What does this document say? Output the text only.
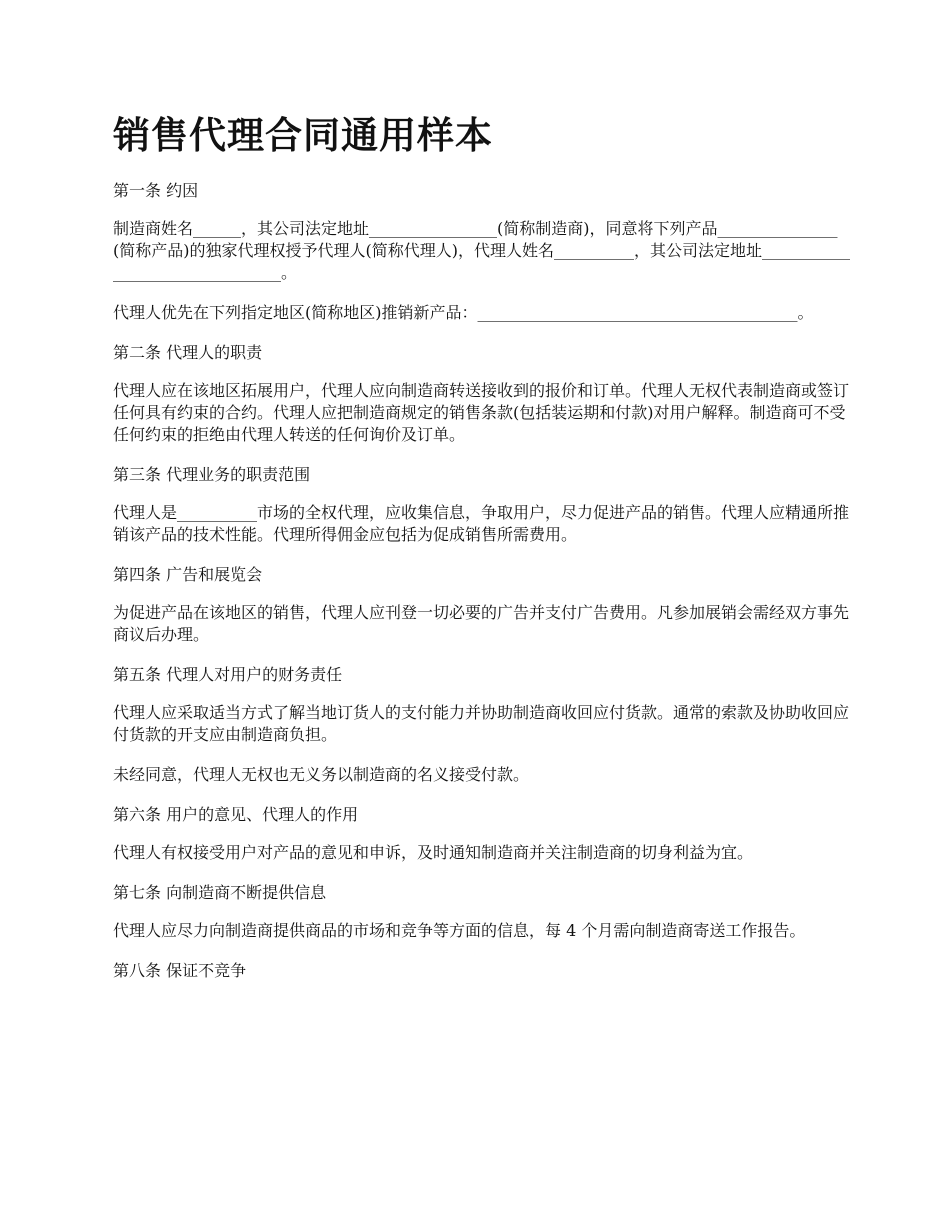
销售代理合同通用样本
第一条 约因
制造商姓名______，其公司法定地址________________(简称制造商)，同意将下列产品_______________(简称产品)的独家代理权授予代理人(简称代理人)，代理人姓名__________，其公司法定地址________________________________。
代理人优先在下列指定地区(简称地区)推销新产品：________________________________________。
第二条 代理人的职责
代理人应在该地区拓展用户，代理人应向制造商转送接收到的报价和订单。代理人无权代表制造商或签订任何具有约束的合约。代理人应把制造商规定的销售条款(包括装运期和付款)对用户解释。制造商可不受任何约束的拒绝由代理人转送的任何询价及订单。
第三条 代理业务的职责范围
代理人是__________市场的全权代理，应收集信息，争取用户，尽力促进产品的销售。代理人应精通所推销该产品的技术性能。代理所得佣金应包括为促成销售所需费用。
第四条 广告和展览会
为促进产品在该地区的销售，代理人应刊登一切必要的广告并支付广告费用。凡参加展销会需经双方事先商议后办理。
第五条 代理人对用户的财务责任
代理人应采取适当方式了解当地订货人的支付能力并协助制造商收回应付货款。通常的索款及协助收回应付货款的开支应由制造商负担。
未经同意，代理人无权也无义务以制造商的名义接受付款。
第六条 用户的意见、代理人的作用
代理人有权接受用户对产品的意见和申诉，及时通知制造商并关注制造商的切身利益为宜。
第七条 向制造商不断提供信息
代理人应尽力向制造商提供商品的市场和竞争等方面的信息，每 4 个月需向制造商寄送工作报告。
第八条 保证不竞争
